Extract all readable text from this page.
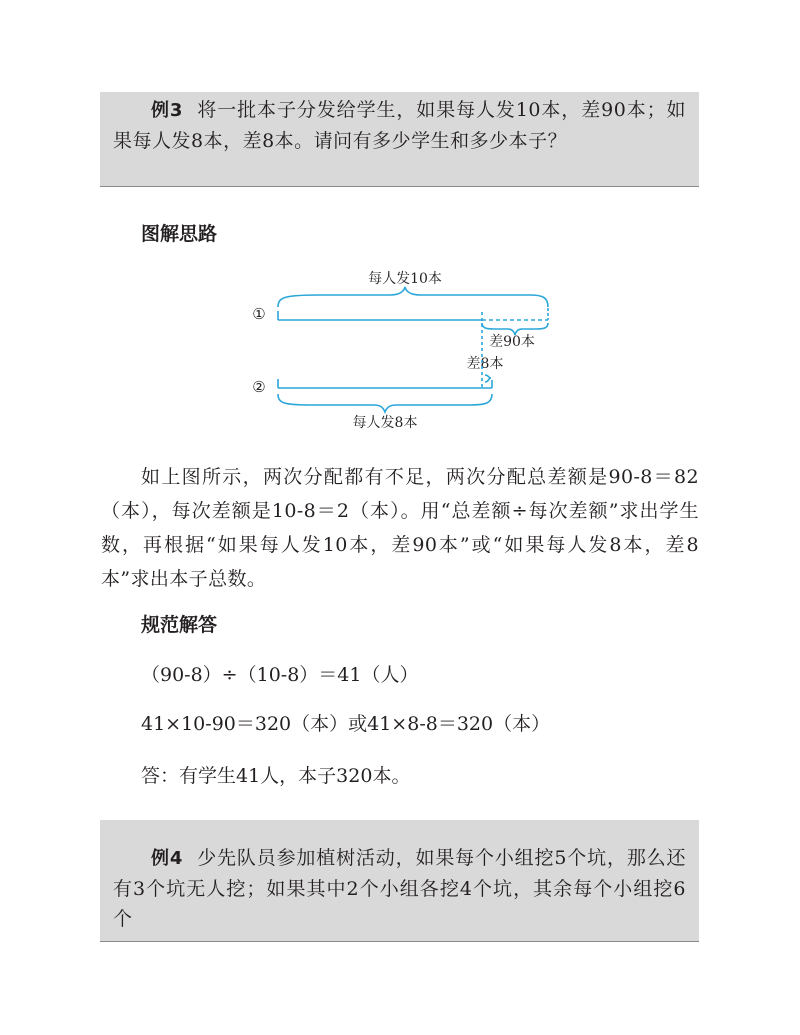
例3 将一批本子分发给学生，如果每人发10本，差90本；如果每人发8本，差8本。请问有多少学生和多少本子？
图解思路
每人发10本
①
差90本
差8本
②
每人发8本
如上图所示，两次分配都有不足，两次分配总差额是90-8＝82（本），每次差额是10-8＝2（本）。用“总差额÷每次差额”求出学生数，再根据“如果每人发10本，差90本”或“如果每人发8本，差8本”求出本子总数。
规范解答
（90-8）÷（10-8）＝41（人）
41×10-90＝320（本）或41×8-8＝320（本）
答：有学生41人，本子320本。
例4 少先队员参加植树活动，如果每个小组挖5个坑，那么还有3个坑无人挖；如果其中2个小组各挖4个坑，其余每个小组挖6个
